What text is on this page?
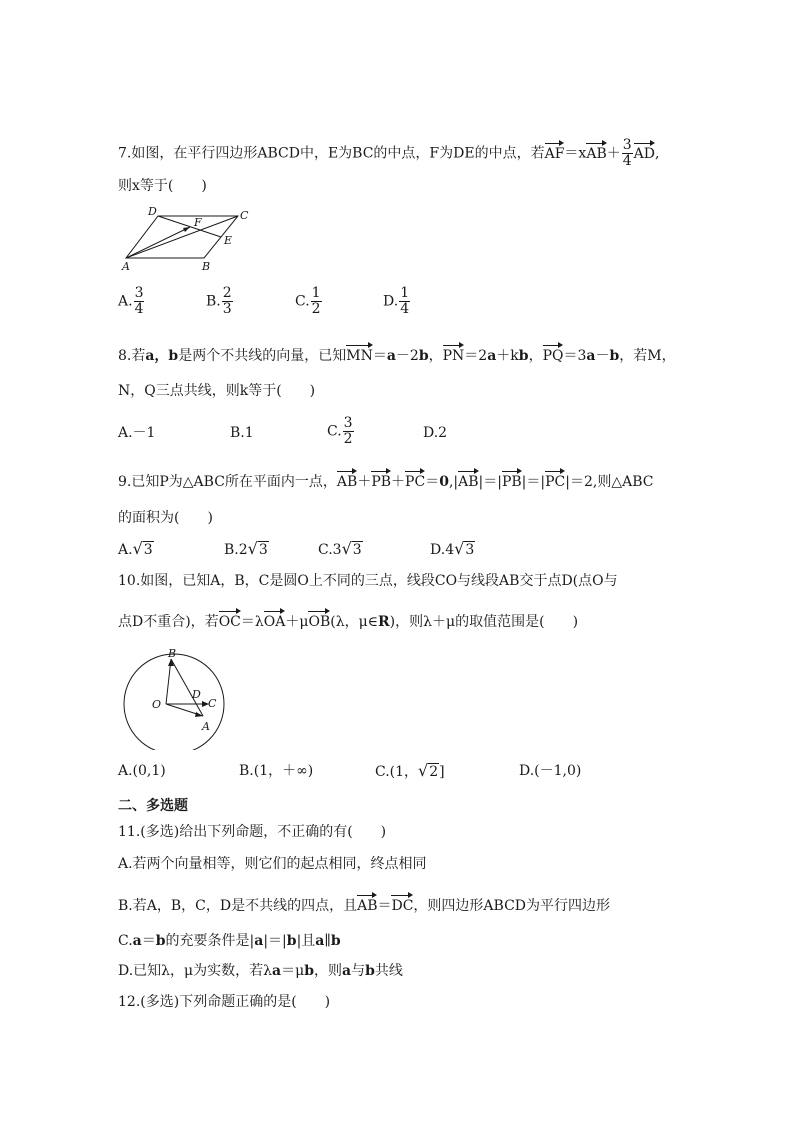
7.如图，在平行四边形ABCD中，E为BC的中点，F为DE的中点，若$AF=xAB+ \frac{3}{4}$ AD,
则x等于(　　)
D	C
F
E
A	B
A. $\frac{3}{4}$	B. $\frac{2}{3}$	C. $\frac{1}{2}$	D. $\frac{1}{4}$
8.若a，b是两个不共线的向量，已知MN＝a－2b，PN＝2a＋kb，PQ＝3a－b，若M，
N，Q三点共线，则k等于(　　)
A.－1	B.1	C. $\frac{3}{2}$	D.2
9.已知P为△ABC所在平面内一点，AB＋PB＋PC＝0,|AB|＝|PB|＝|PC|＝2,则△ABC
的面积为(　　)
A.√3	B.2√3	C.3√3	D.4√3
10.如图，已知A，B，C是圆O上不同的三点，线段CO与线段AB交于点D(点O与
点D不重合)，若OC＝λOA＋μOB(λ，μ∈R)，则λ＋μ的取值范围是(　　)
B
O
D
C
A
A.(0,1)	B.(1，＋∞)	C.(1，√2]	D.(－1,0)
二、多选题
11.(多选)给出下列命题，不正确的有(　　)
A.若两个向量相等，则它们的起点相同，终点相同
B.若A，B，C，D是不共线的四点，且AB＝DC，则四边形ABCD为平行四边形
C.a＝b的充要条件是|a|＝|b|且a∥b
D.已知λ，μ为实数，若λa＝μb，则a与b共线
12.(多选)下列命题正确的是(　　)
